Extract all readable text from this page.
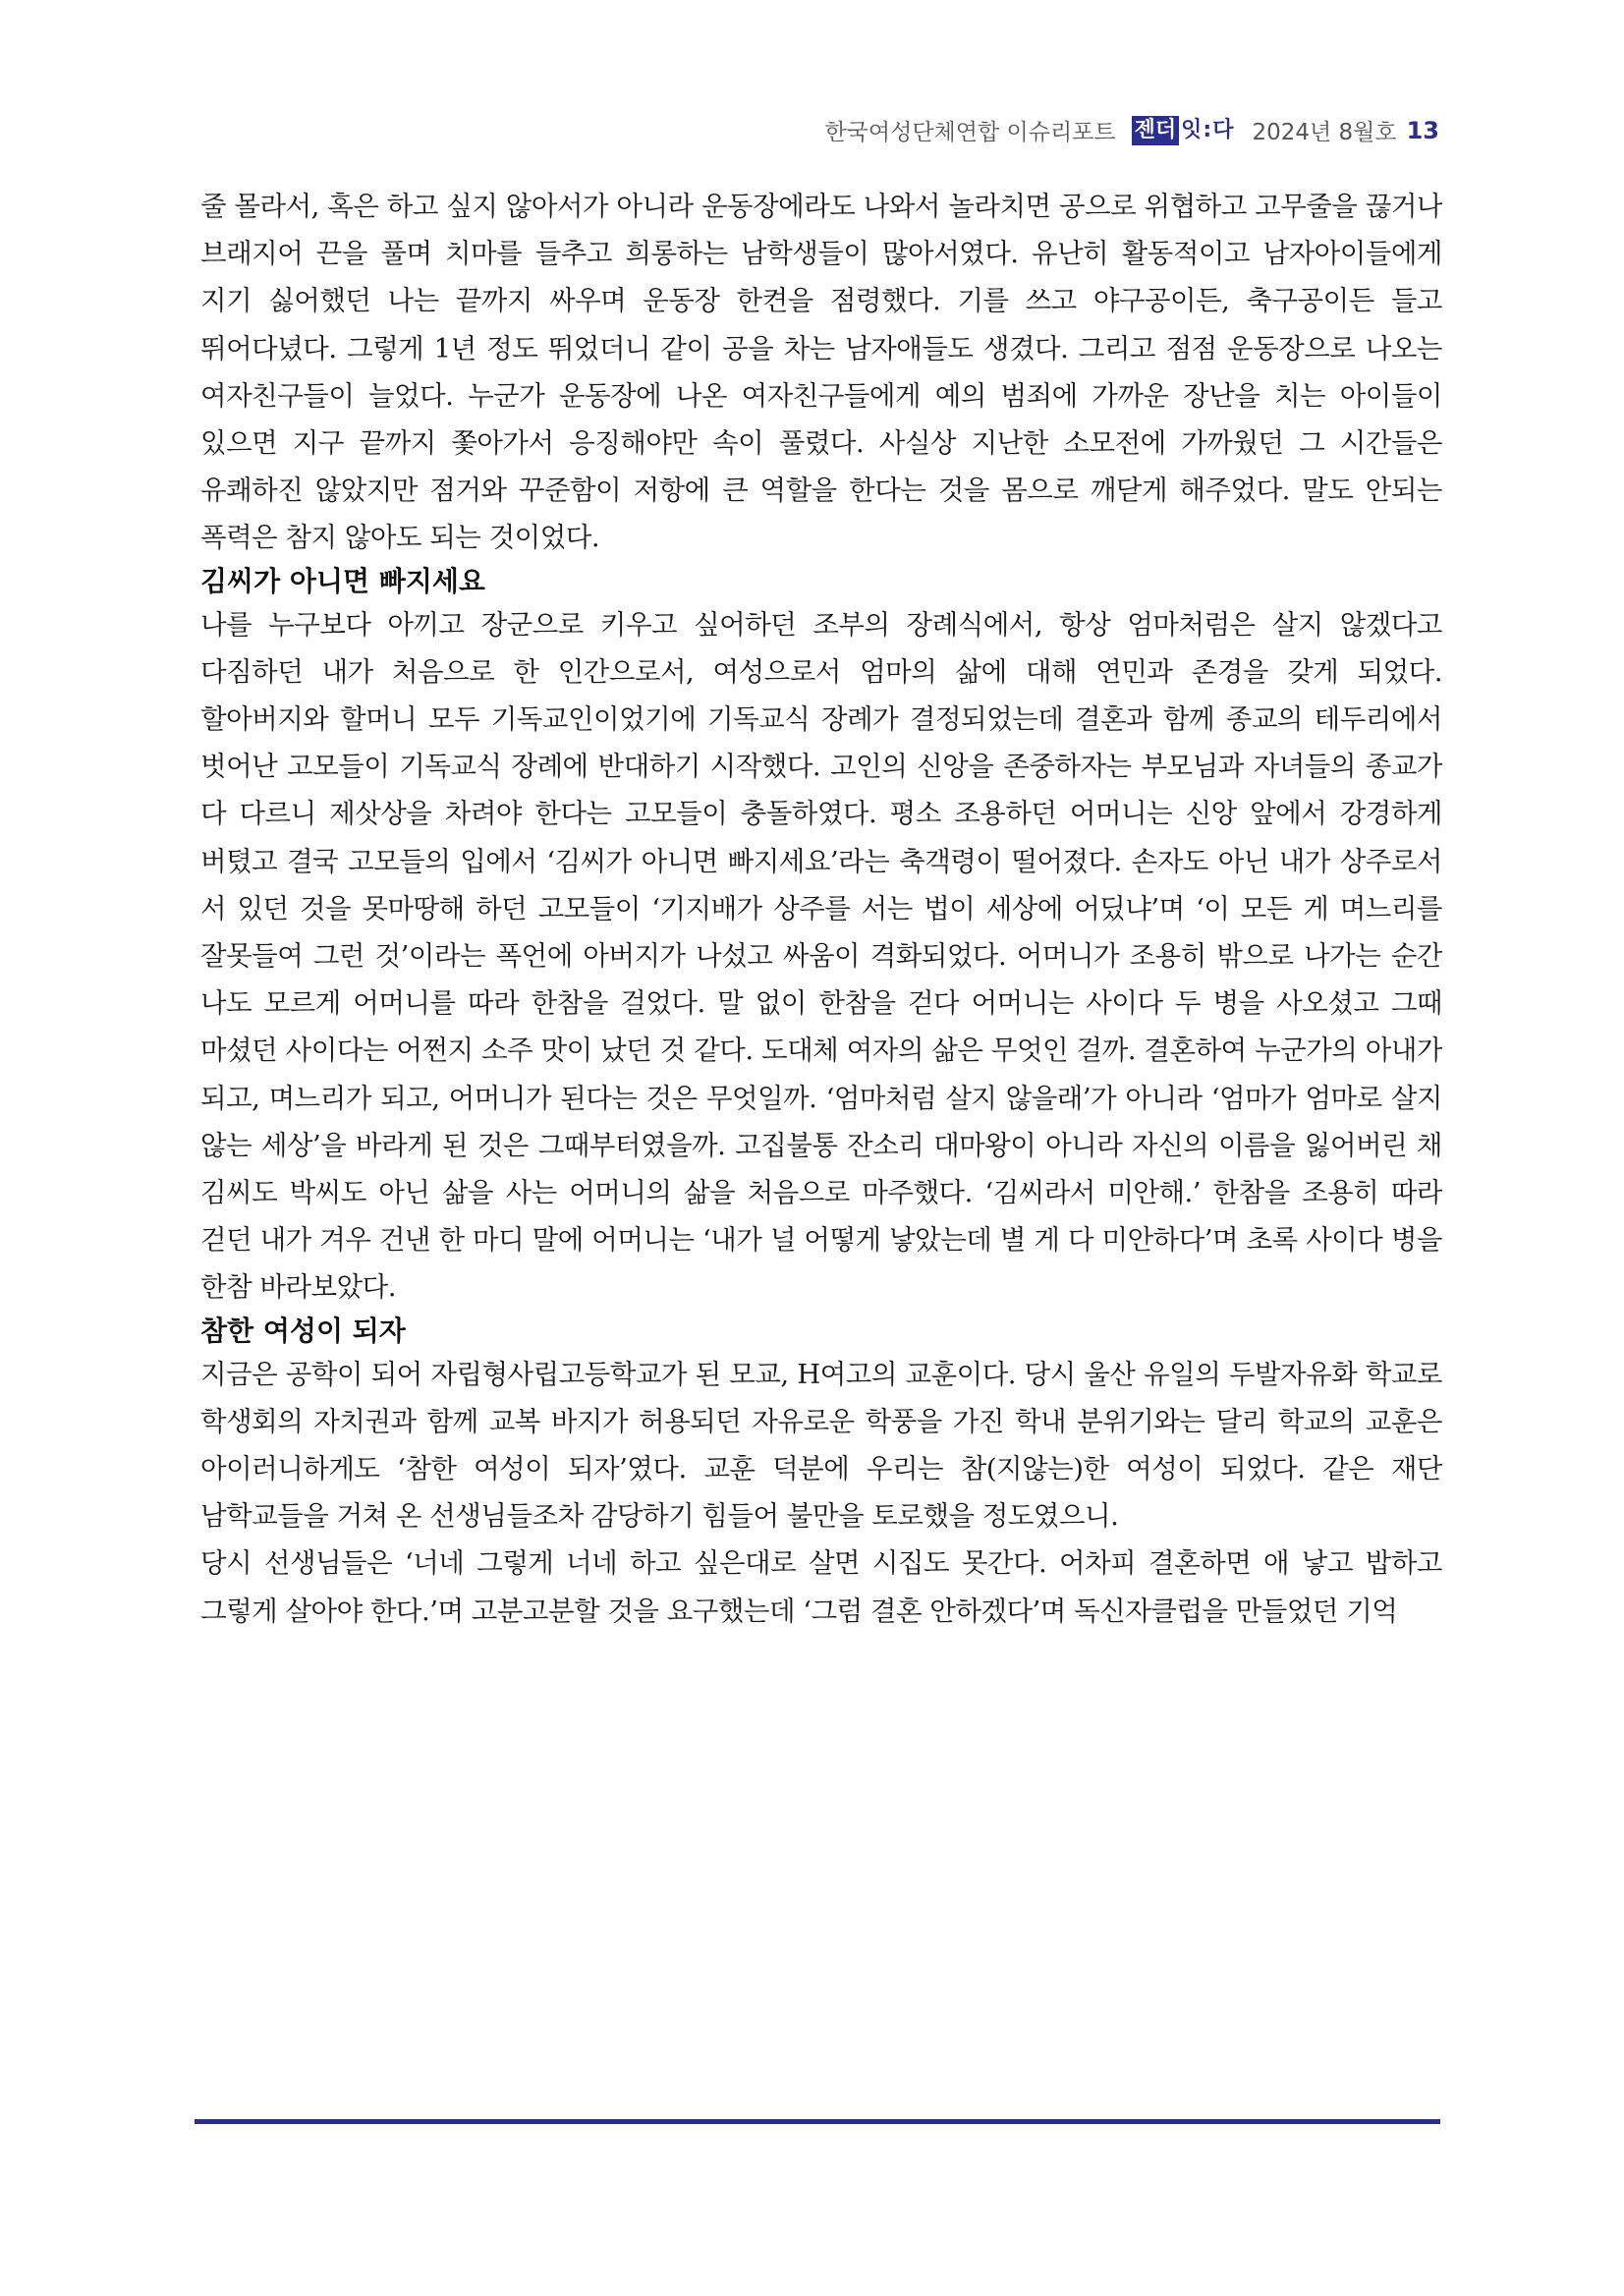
한국여성단체연합 이슈리포트 젠더 잇:다 2024년 8월호 13

줄 몰라서, 혹은 하고 싶지 않아서가 아니라 운동장에라도 나와서 놀라치면 공으로 위협하고 고무줄을 끊거나 브래지어 끈을 풀며 치마를 들추고 희롱하는 남학생들이 많아서였다. 유난히 활동적이고 남자아이들에게 지기 싫어했던 나는 끝까지 싸우며 운동장 한켠을 점령했다. 기를 쓰고 야구공이든, 축구공이든 들고 뛰어다녔다. 그렇게 1년 정도 뛰었더니 같이 공을 차는 남자애들도 생겼다. 그리고 점점 운동장으로 나오는 여자친구들이 늘었다. 누군가 운동장에 나온 여자친구들에게 예의 범죄에 가까운 장난을 치는 아이들이 있으면 지구 끝까지 쫓아가서 응징해야만 속이 풀렸다. 사실상 지난한 소모전에 가까웠던 그 시간들은 유쾌하진 않았지만 점거와 꾸준함이 저항에 큰 역할을 한다는 것을 몸으로 깨닫게 해주었다. 말도 안되는 폭력은 참지 않아도 되는 것이었다.

김씨가 아니면 빠지세요

나를 누구보다 아끼고 장군으로 키우고 싶어하던 조부의 장례식에서, 항상 엄마처럼은 살지 않겠다고 다짐하던 내가 처음으로 한 인간으로서, 여성으로서 엄마의 삶에 대해 연민과 존경을 갖게 되었다. 할아버지와 할머니 모두 기독교인이었기에 기독교식 장례가 결정되었는데 결혼과 함께 종교의 테두리에서 벗어난 고모들이 기독교식 장례에 반대하기 시작했다. 고인의 신앙을 존중하자는 부모님과 자녀들의 종교가 다 다르니 제삿상을 차려야 한다는 고모들이 충돌하였다. 평소 조용하던 어머니는 신앙 앞에서 강경하게 버텼고 결국 고모들의 입에서 ‘김씨가 아니면 빠지세요’라는 축객령이 떨어졌다. 손자도 아닌 내가 상주로서 서 있던 것을 못마땅해 하던 고모들이 ‘기지배가 상주를 서는 법이 세상에 어딨냐’며 ‘이 모든 게 며느리를 잘못들여 그런 것’이라는 폭언에 아버지가 나섰고 싸움이 격화되었다. 어머니가 조용히 밖으로 나가는 순간 나도 모르게 어머니를 따라 한참을 걸었다. 말 없이 한참을 걷다 어머니는 사이다 두 병을 사오셨고 그때 마셨던 사이다는 어쩐지 소주 맛이 났던 것 같다. 도대체 여자의 삶은 무엇인 걸까. 결혼하여 누군가의 아내가 되고, 며느리가 되고, 어머니가 된다는 것은 무엇일까. ‘엄마처럼 살지 않을래’가 아니라 ‘엄마가 엄마로 살지 않는 세상’을 바라게 된 것은 그때부터였을까. 고집불통 잔소리 대마왕이 아니라 자신의 이름을 잃어버린 채 김씨도 박씨도 아닌 삶을 사는 어머니의 삶을 처음으로 마주했다. ‘김씨라서 미안해.’ 한참을 조용히 따라 걷던 내가 겨우 건낸 한 마디 말에 어머니는 ‘내가 널 어떻게 낳았는데 별 게 다 미안하다’며 초록 사이다 병을 한참 바라보았다.

참한 여성이 되자

지금은 공학이 되어 자립형사립고등학교가 된 모교, H여고의 교훈이다. 당시 울산 유일의 두발자유화 학교로 학생회의 자치권과 함께 교복 바지가 허용되던 자유로운 학풍을 가진 학내 분위기와는 달리 학교의 교훈은 아이러니하게도 ‘참한 여성이 되자’였다. 교훈 덕분에 우리는 참(지않는)한 여성이 되었다. 같은 재단 남학교들을 거쳐 온 선생님들조차 감당하기 힘들어 불만을 토로했을 정도였으니.

당시 선생님들은 ‘너네 그렇게 너네 하고 싶은대로 살면 시집도 못간다. 어차피 결혼하면 애 낳고 밥하고 그렇게 살아야 한다.’며 고분고분할 것을 요구했는데 ‘그럼 결혼 안하겠다’며 독신자클럽을 만들었던 기억
